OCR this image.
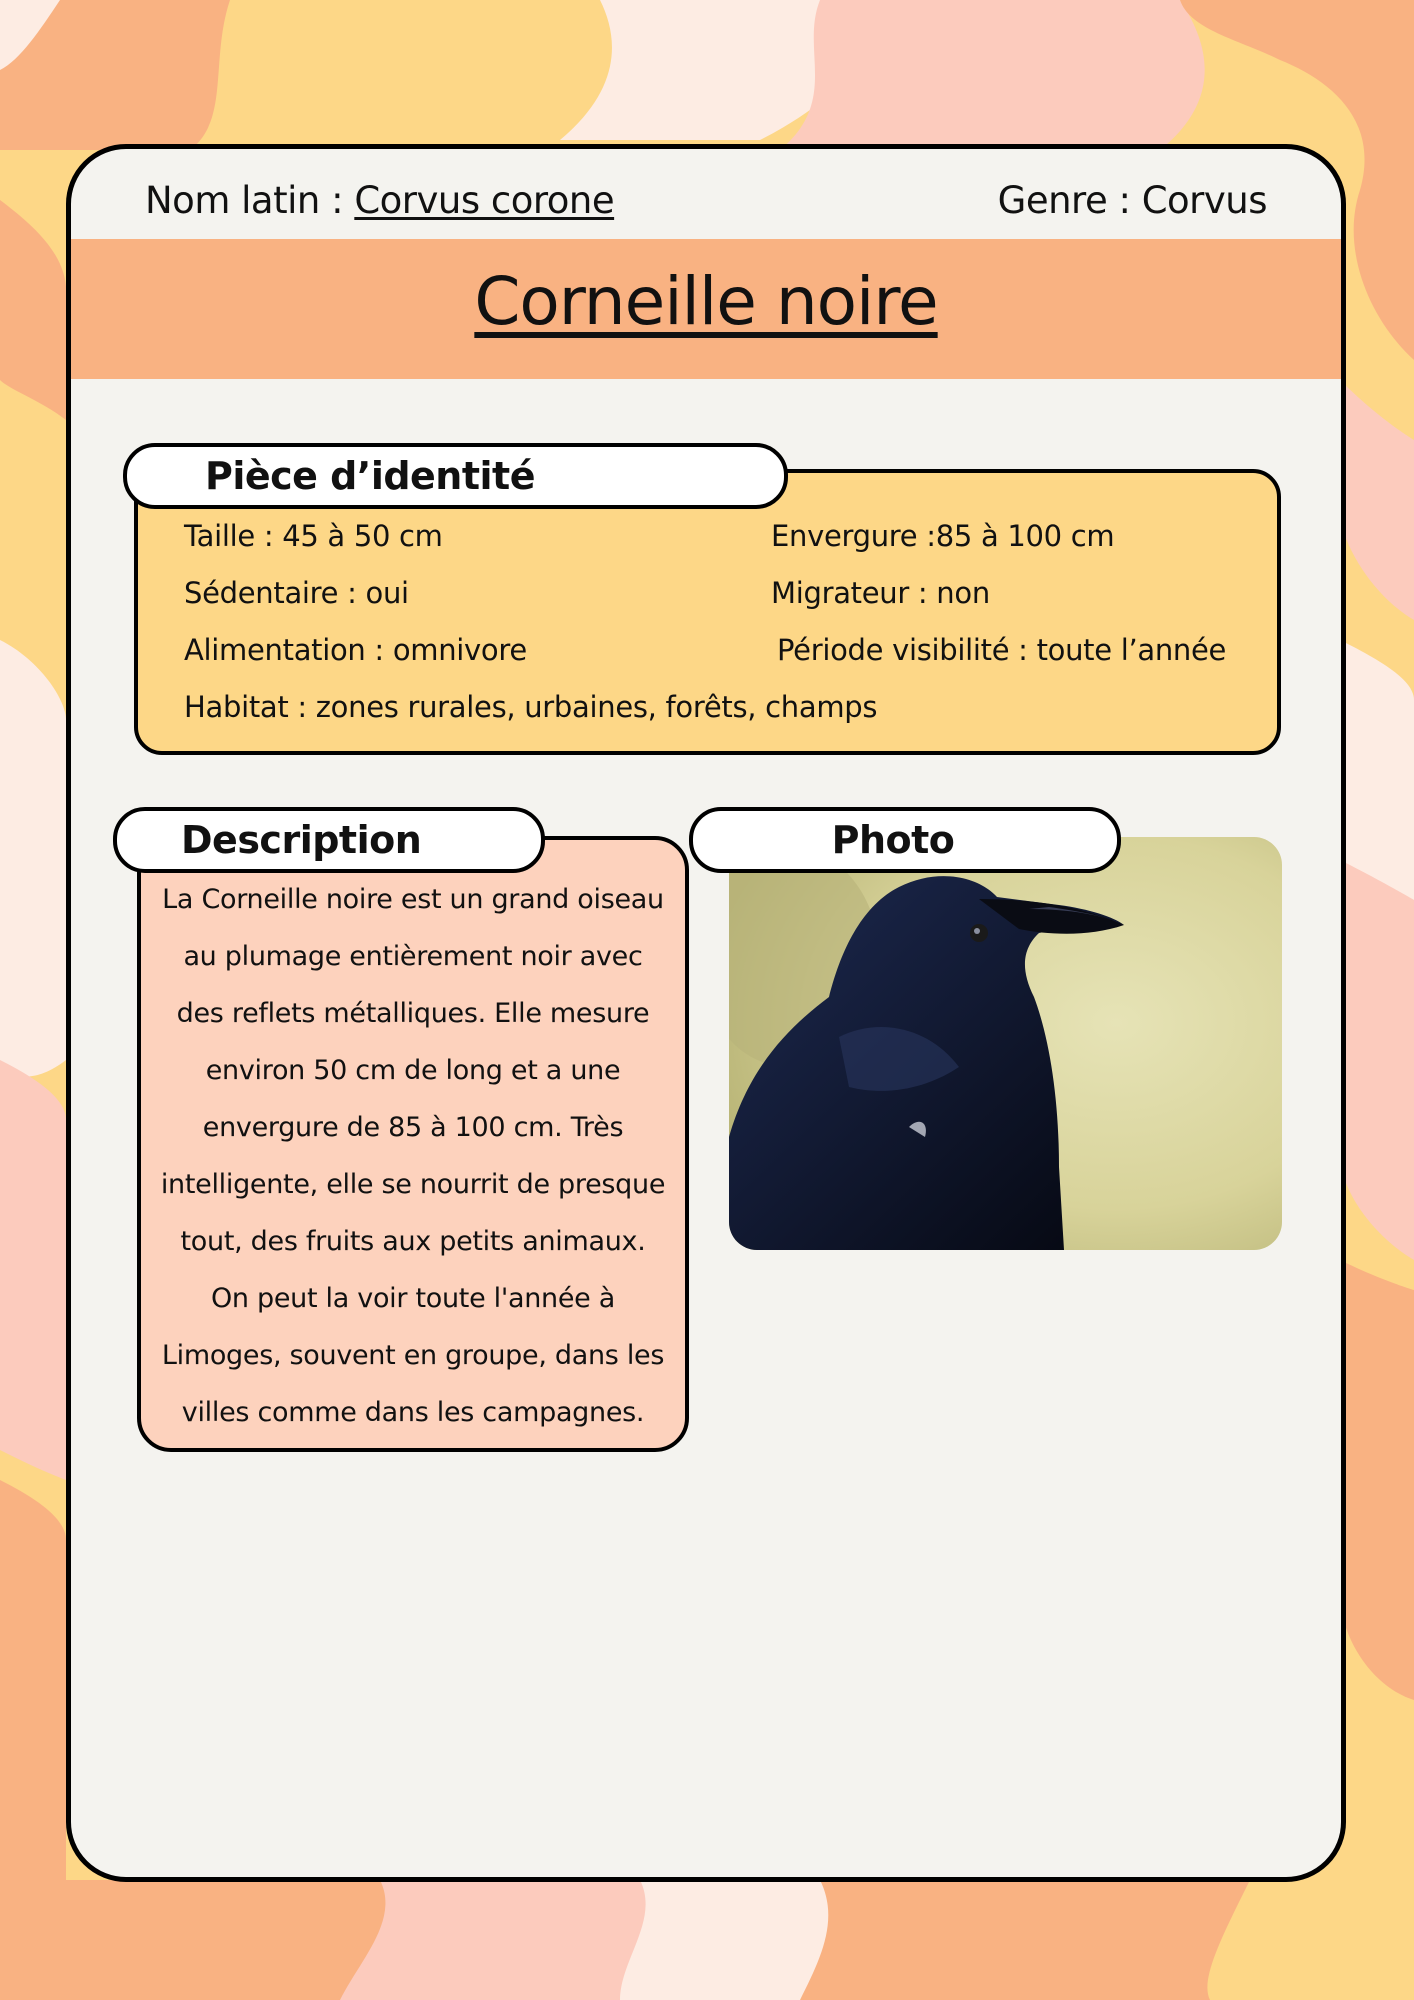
Nom latin : Corvus corone	Genre : Corvus
Corneille noire
Pièce d’identité
Taille : 45 à 50 cm	Envergure :85 à 100 cm
Sédentaire : oui	Migrateur : non
Alimentation : omnivore	Période visibilité : toute l’année
Habitat : zones rurales, urbaines, forêts, champs
Description
La Corneille noire est un grand oiseau
au plumage entièrement noir avec
des reflets métalliques. Elle mesure
environ 50 cm de long et a une
envergure de 85 à 100 cm. Très
intelligente, elle se nourrit de presque
tout, des fruits aux petits animaux.
On peut la voir toute l'année à
Limoges, souvent en groupe, dans les
villes comme dans les campagnes.
Photo
